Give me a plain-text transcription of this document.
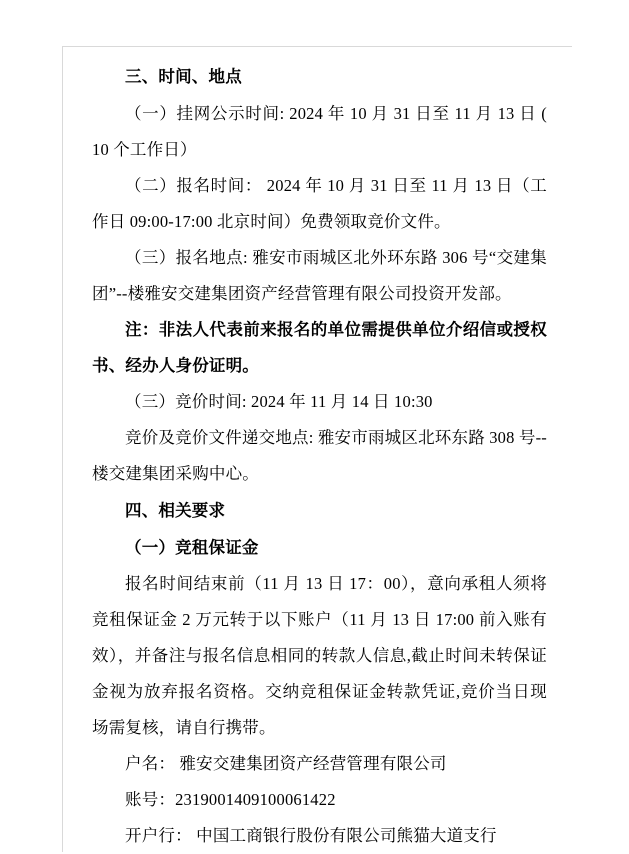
三、时间、地点

（一）挂网公示时间: 2024 年 10 月 31 日至 11 月 13 日 ( 10 个工作日）

（二）报名时间： 2024 年 10 月 31 日至 11 月 13 日（工作日 09:00-17:00 北京时间）免费领取竞价文件。

（三）报名地点: 雅安市雨城区北外环东路 306 号“交建集团”--楼雅安交建集团资产经营管理有限公司投资开发部。

注：非法人代表前来报名的单位需提供单位介绍信或授权书、经办人身份证明。

（三）竞价时间: 2024 年 11 月 14 日 10:30

竞价及竞价文件递交地点: 雅安市雨城区北环东路 308 号--楼交建集团采购中心。

四、相关要求

（一）竞租保证金

报名时间结束前（11 月 13 日 17：00），意向承租人须将竞租保证金 2 万元转于以下账户（11 月 13 日 17:00 前入账有效），并备注与报名信息相同的转款人信息,截止时间未转保证金视为放弃报名资格。交纳竞租保证金转款凭证,竞价当日现场需复核，请自行携带。

户名： 雅安交建集团资产经营管理有限公司

账号：2319001409100061422

开户行： 中国工商银行股份有限公司熊猫大道支行
